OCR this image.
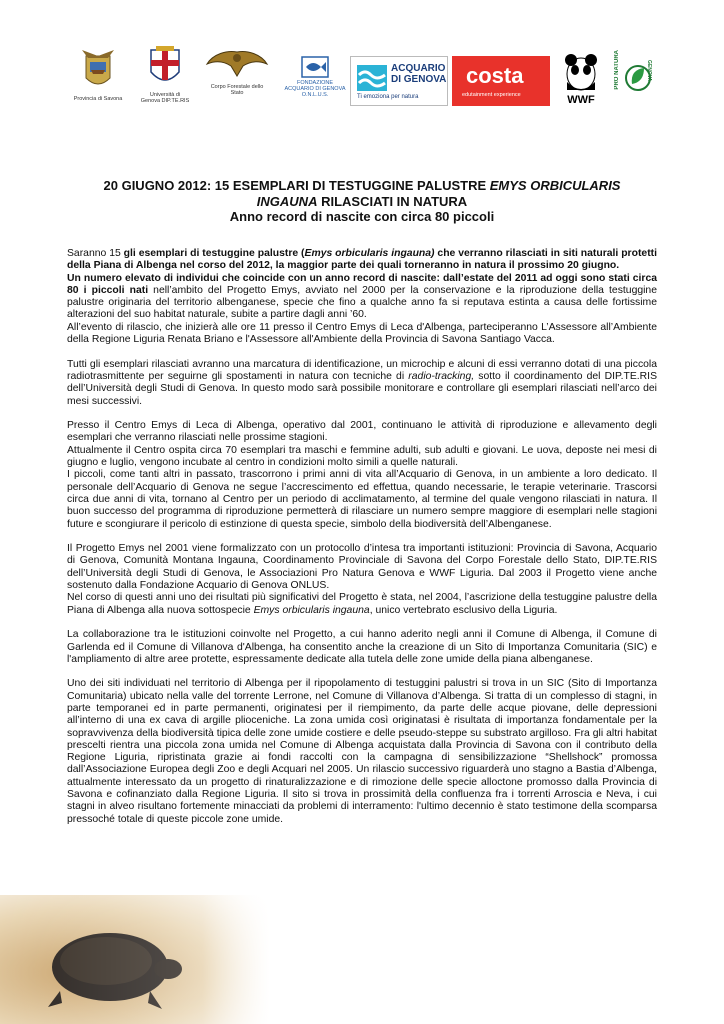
Provincia di Savona
Università di Genova DIP.TE.RIS
Corpo Forestale dello Stato
FONDAZIONE ACQUARIO DI GENOVA O.N.L.U.S.
ACQUARIO
DI GENOVA
Ti emoziona per natura
costa
edutainment experience	WWF
PRO NATURA	GENOVA
20 GIUGNO 2012: 15 ESEMPLARI DI TESTUGGINE PALUSTRE EMYS ORBICULARIS
INGAUNA RILASCIATI IN NATURA
Anno record di nascite con circa 80 piccoli

Saranno 15 gli esemplari di testuggine palustre (Emys orbicularis ingauna) che verranno rilasciati in siti naturali protetti della Piana di Albenga nel corso del 2012, la maggior parte dei quali torneranno in natura il prossimo 20 giugno.
Un numero elevato di individui che coincide con un anno record di nascite: dall’estate del 2011 ad oggi sono stati circa 80 i piccoli nati nell’ambito del Progetto Emys, avviato nel 2000 per la conservazione e la riproduzione della testuggine palustre originaria del territorio albenganese, specie che fino a qualche anno fa si reputava estinta a causa delle fortissime alterazioni del suo habitat naturale, subite a partire dagli anni ’60.
All’evento di rilascio, che inizierà alle ore 11 presso il Centro Emys di Leca d'Albenga, parteciperanno L’Assessore all’Ambiente della Regione Liguria Renata Briano e l'Assessore all'Ambiente della Provincia di Savona Santiago Vacca.

Tutti gli esemplari rilasciati avranno una marcatura di identificazione, un microchip e alcuni di essi verranno dotati di una piccola radiotrasmittente per seguirne gli spostamenti in natura con tecniche di radio-tracking, sotto il coordinamento del DIP.TE.RIS dell’Università degli Studi di Genova. In questo modo sarà possibile monitorare e controllare gli esemplari rilasciati nell’arco dei mesi successivi.

Presso il Centro Emys di Leca di Albenga, operativo dal 2001, continuano le attività di riproduzione e allevamento degli esemplari che verranno rilasciati nelle prossime stagioni.
Attualmente il Centro ospita circa 70 esemplari tra maschi e femmine adulti, sub adulti e giovani. Le uova, deposte nei mesi di giugno e luglio, vengono incubate al centro in condizioni molto simili a quelle naturali.
I piccoli, come tanti altri in passato, trascorrono i primi anni di vita all’Acquario di Genova, in un ambiente a loro dedicato. Il personale dell’Acquario di Genova ne segue l’accrescimento ed effettua, quando necessarie, le terapie veterinarie. Trascorsi circa due anni di vita, tornano al Centro per un periodo di acclimatamento, al termine del quale vengono rilasciati in natura. Il buon successo del programma di riproduzione permetterà di rilasciare un numero sempre maggiore di esemplari nelle stagioni future e scongiurare il pericolo di estinzione di questa specie, simbolo della biodiversità dell’Albenganese.

Il Progetto Emys nel 2001 viene formalizzato con un protocollo d’intesa tra importanti istituzioni: Provincia di Savona, Acquario di Genova, Comunità Montana Ingauna, Coordinamento Provinciale di Savona del Corpo Forestale dello Stato, DIP.TE.RIS dell’Università degli Studi di Genova, le Associazioni Pro Natura Genova e WWF Liguria. Dal 2003 il Progetto viene anche sostenuto dalla Fondazione Acquario di Genova ONLUS.
Nel corso di questi anni uno dei risultati più significativi del Progetto è stata, nel 2004, l’ascrizione della testuggine palustre della Piana di Albenga alla nuova sottospecie Emys orbicularis ingauna, unico vertebrato esclusivo della Liguria.

La collaborazione tra le istituzioni coinvolte nel Progetto, a cui hanno aderito negli anni il Comune di Albenga, il Comune di Garlenda ed il Comune di Villanova d'Albenga, ha consentito anche la creazione di un Sito di Importanza Comunitaria (SIC) e l'ampliamento di altre aree protette, espressamente dedicate alla tutela delle zone umide della piana albenganese.

Uno dei siti individuati nel territorio di Albenga per il ripopolamento di testuggini palustri si trova in un SIC (Sito di Importanza Comunitaria) ubicato nella valle del torrente Lerrone, nel Comune di Villanova d’Albenga. Si tratta di un complesso di stagni, in parte temporanei ed in parte permanenti, originatesi per il riempimento, da parte delle acque piovane, delle depressioni all’interno di una ex cava di argille plioceniche. La zona umida così originatasi è risultata di importanza fondamentale per la sopravvivenza della biodiversità tipica delle zone umide costiere e delle pseudo-steppe su substrato argilloso. Fra gli altri habitat prescelti rientra una piccola zona umida nel Comune di Albenga acquistata dalla Provincia di Savona con il contributo della Regione Liguria, ripristinata grazie ai fondi raccolti con la campagna di sensibilizzazione “Shellshock” promossa dall’Associazione Europea degli Zoo e degli Acquari nel 2005. Un rilascio successivo riguarderà uno stagno a Bastia d’Albenga, attualmente interessato da un progetto di rinaturalizzazione e di rimozione delle specie alloctone promosso dalla Provincia di Savona e cofinanziato dalla Regione Liguria. Il sito si trova in prossimità della confluenza fra i torrenti Arroscia e Neva, i cui stagni in alveo risultano fortemente minacciati da problemi di interramento: l'ultimo decennio è stato testimone della scomparsa pressoché totale di queste piccole zone umide.
